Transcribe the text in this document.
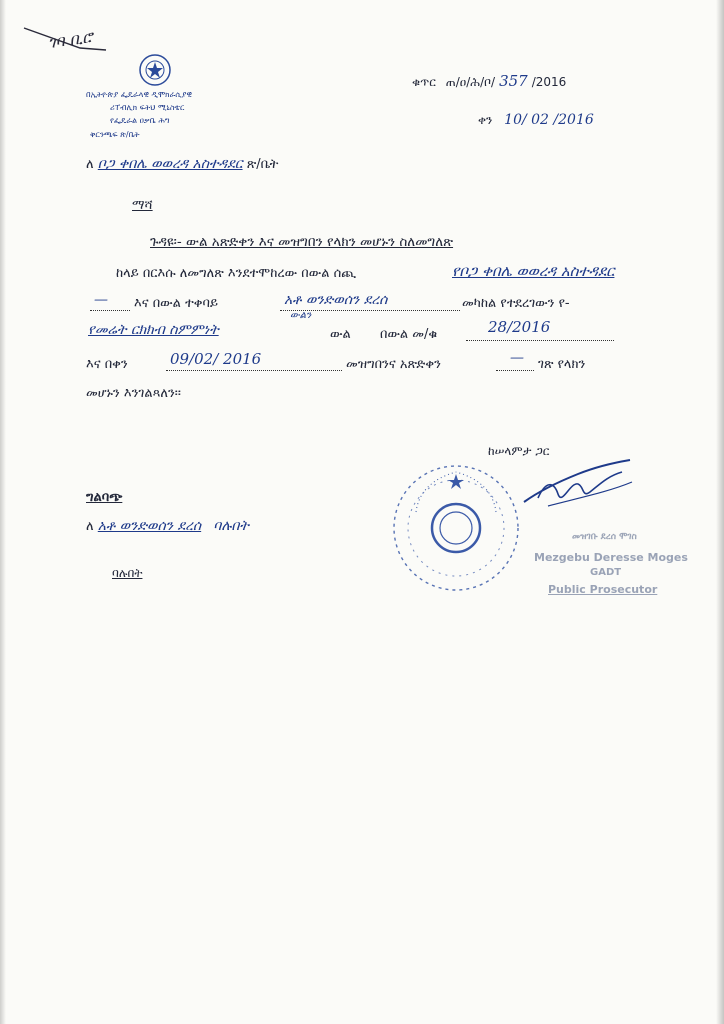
ገባ ቢሮ
በኢትዮጵያ ፌዴራላዊ ዲሞክራሲያዊ
ሪፐብሊክ ፍትህ ሚኒስቴር
የፌዴራል ዐቃቤ ሕግ
ቅርንጫፍ ጽ/ቤት
ቁጥር ጠ/ዐ/ሕ/ቦ/ 357 /2016
ቀን 10/ 02 /2016
ለ ቦጋ ቀበሌ ወወረዳ አስተዳደር ጽ/ቤት
ማሻ
ጉዳዩ፡- ውል አጽድቀን እና መዝግበን የላክን መሆኑን ስለመግለጽ
ከላይ በርእሱ ለመግለጽ እንደተሞከረው በውል ሰጪ	የቦጋ ቀበሌ ወወረዳ አስተዳደር
— እና በውል ተቀባይ	አቶ ወንድወሰን ደረሰ	መካከል የተደረገውን የ-
የመሬት ርክክብ ስምምነት
ውልን
ውል በውል መ/ቁ	28/2016
እና በቀን	09/02/ 2016	መዝግበንና አጽድቀን	— ገጽ የላክን
መሆኑን እንገልጻለን፡፡
ከሠላምታ ጋር
መዝገቡ ደረሰ ሞገስ
Mezgebu Deresse Moges
GADT
Public Prosecutor
ግልባጭ
ለ አቶ ወንድወሰን ደረሰ ባሉበት
ባሉበት
